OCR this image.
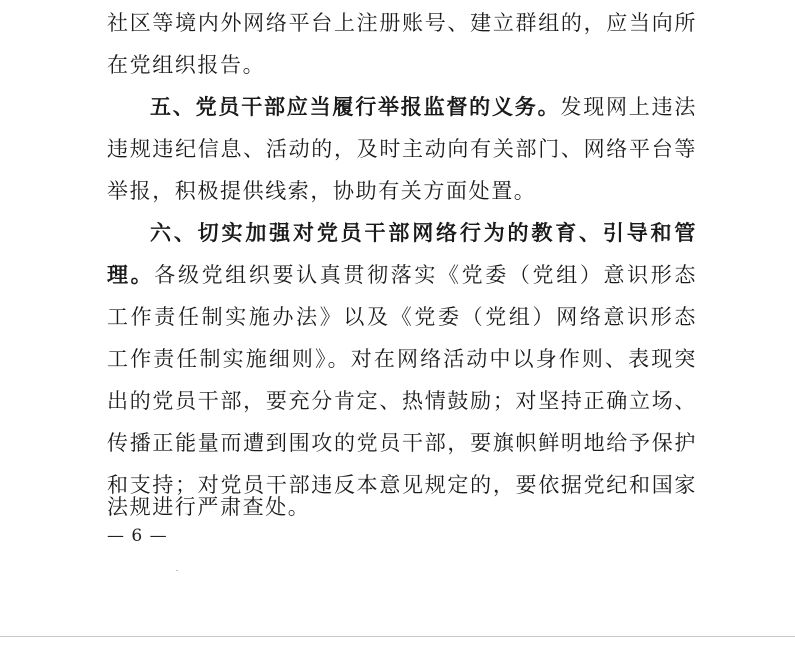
社区等境内外网络平台上注册账号、建立群组的，应当向所
在党组织报告。
五、党员干部应当履行举报监督的义务。发现网上违法
违规违纪信息、活动的，及时主动向有关部门、网络平台等
举报，积极提供线索，协助有关方面处置。
六、切实加强对党员干部网络行为的教育、引导和管
理。各级党组织要认真贯彻落实《党委（党组）意识形态
工作责任制实施办法》以及《党委（党组）网络意识形态
工作责任制实施细则》。对在网络活动中以身作则、表现突
出的党员干部，要充分肯定、热情鼓励；对坚持正确立场、
传播正能量而遭到围攻的党员干部，要旗帜鲜明地给予保护
和支持；对党员干部违反本意见规定的，要依据党纪和国家
法规进行严肃查处。
— 6 —
